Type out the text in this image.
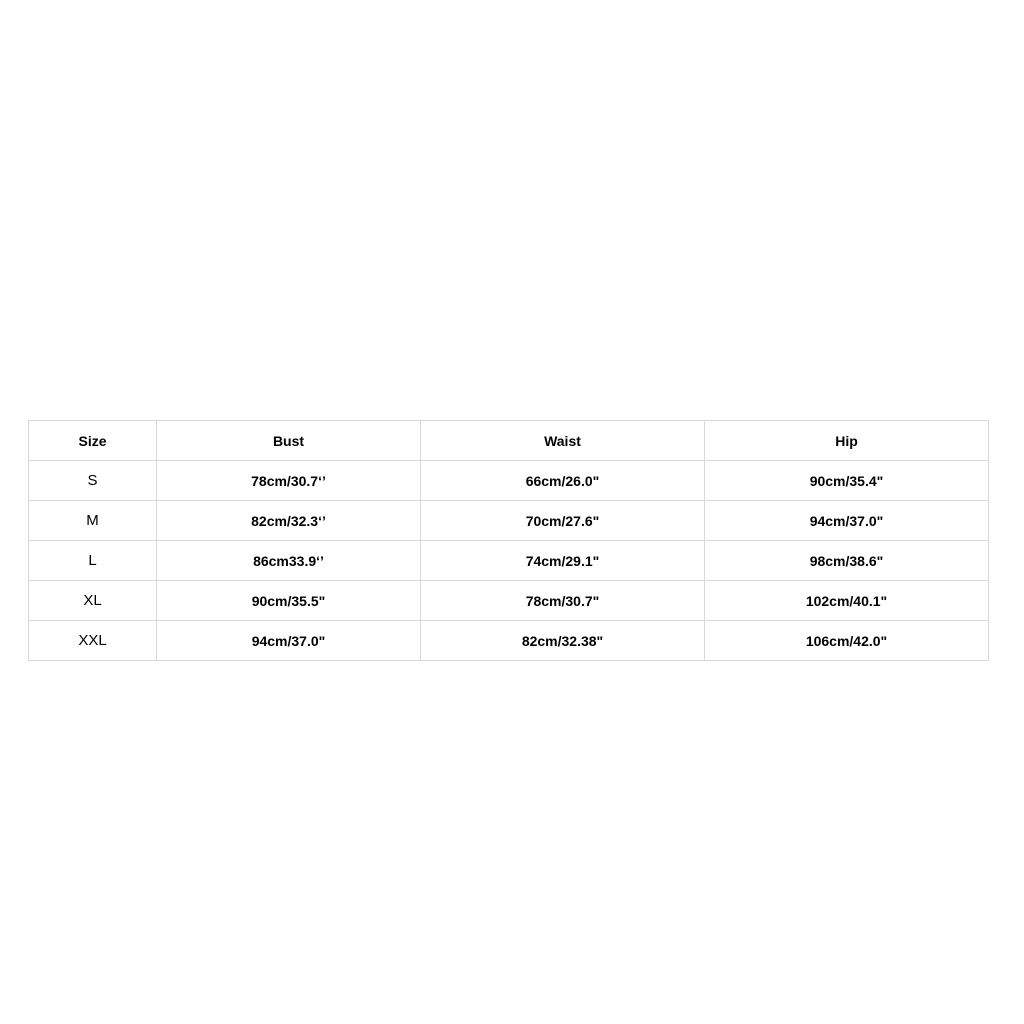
Size	Bust	Waist	Hip
S	78cm/30.7‘’	66cm/26.0"	90cm/35.4"
M	82cm/32.3‘’	70cm/27.6"	94cm/37.0"
L	86cm33.9‘’	74cm/29.1"	98cm/38.6"
XL	90cm/35.5"	78cm/30.7"	102cm/40.1"
XXL	94cm/37.0"	82cm/32.38"	106cm/42.0"
